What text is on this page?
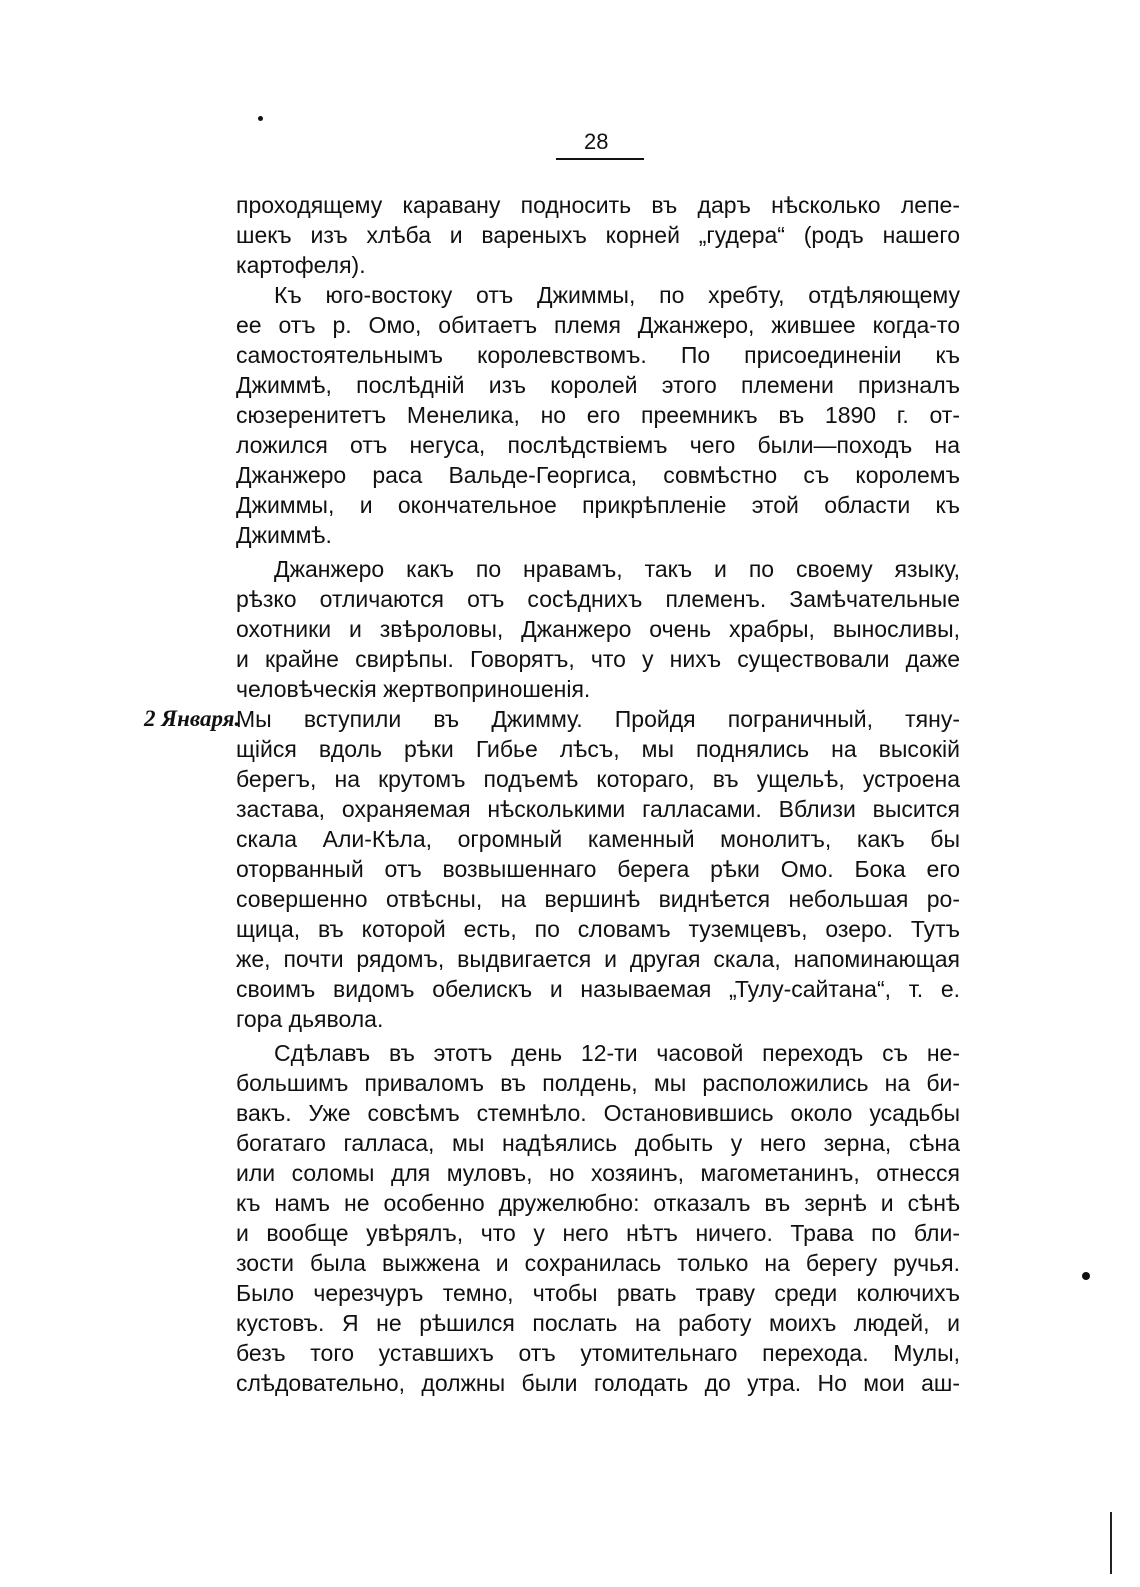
28
проходящему каравану подносить въ даръ нѣсколько лепе-
шекъ изъ хлѣба и вареныхъ корней „гудера“ (родъ нашего
картофеля).
Къ юго-востоку отъ Джиммы, по хребту, отдѣляющему
ее отъ р. Омо, обитаетъ племя Джанжеро, жившее когда-то
самостоятельнымъ королевствомъ. По присоединеніи къ
Джиммѣ, послѣдній изъ королей этого племени призналъ
сюзеренитетъ Менелика, но его преемникъ въ 1890 г. от-
ложился отъ негуса, послѣдствіемъ чего были—походъ на
Джанжеро раса Вальде-Георгиса, совмѣстно съ королемъ
Джиммы, и окончательное прикрѣпленіе этой области къ
Джиммѣ.
Джанжеро какъ по нравамъ, такъ и по своему языку,
рѣзко отличаются отъ сосѣднихъ племенъ. Замѣчательные
охотники и звѣроловы, Джанжеро очень храбры, выносливы,
и крайне свирѣпы. Говорятъ, что у нихъ существовали даже
человѣческія жертвоприношенія.
2 Января.
Мы вступили въ Джимму. Пройдя пограничный, тяну-
щійся вдоль рѣки Гибье лѣсъ, мы поднялись на высокій
берегъ, на крутомъ подъемѣ котораго, въ ущельѣ, устроена
застава, охраняемая нѣсколькими галласами. Вблизи высится
скала Али-Кѣла, огромный каменный монолитъ, какъ бы
оторванный отъ возвышеннаго берега рѣки Омо. Бока его
совершенно отвѣсны, на вершинѣ виднѣется небольшая ро-
щица, въ которой есть, по словамъ туземцевъ, озеро. Тутъ
же, почти рядомъ, выдвигается и другая скала, напоминающая
своимъ видомъ обелискъ и называемая „Тулу-сайтана“, т. е.
гора дьявола.
Сдѣлавъ въ этотъ день 12-ти часовой переходъ съ не-
большимъ приваломъ въ полдень, мы расположились на би-
вакъ. Уже совсѣмъ стемнѣло. Остановившись около усадьбы
богатаго галласа, мы надѣялись добыть у него зерна, сѣна
или соломы для муловъ, но хозяинъ, магометанинъ, отнесся
къ намъ не особенно дружелюбно: отказалъ въ зернѣ и сѣнѣ
и вообще увѣрялъ, что у него нѣтъ ничего. Трава по бли-
зости была выжжена и сохранилась только на берегу ручья.
Было черезчуръ темно, чтобы рвать траву среди колючихъ
кустовъ. Я не рѣшился послать на работу моихъ людей, и
безъ того уставшихъ отъ утомительнаго перехода. Мулы,
слѣдовательно, должны были голодать до утра. Но мои аш-
